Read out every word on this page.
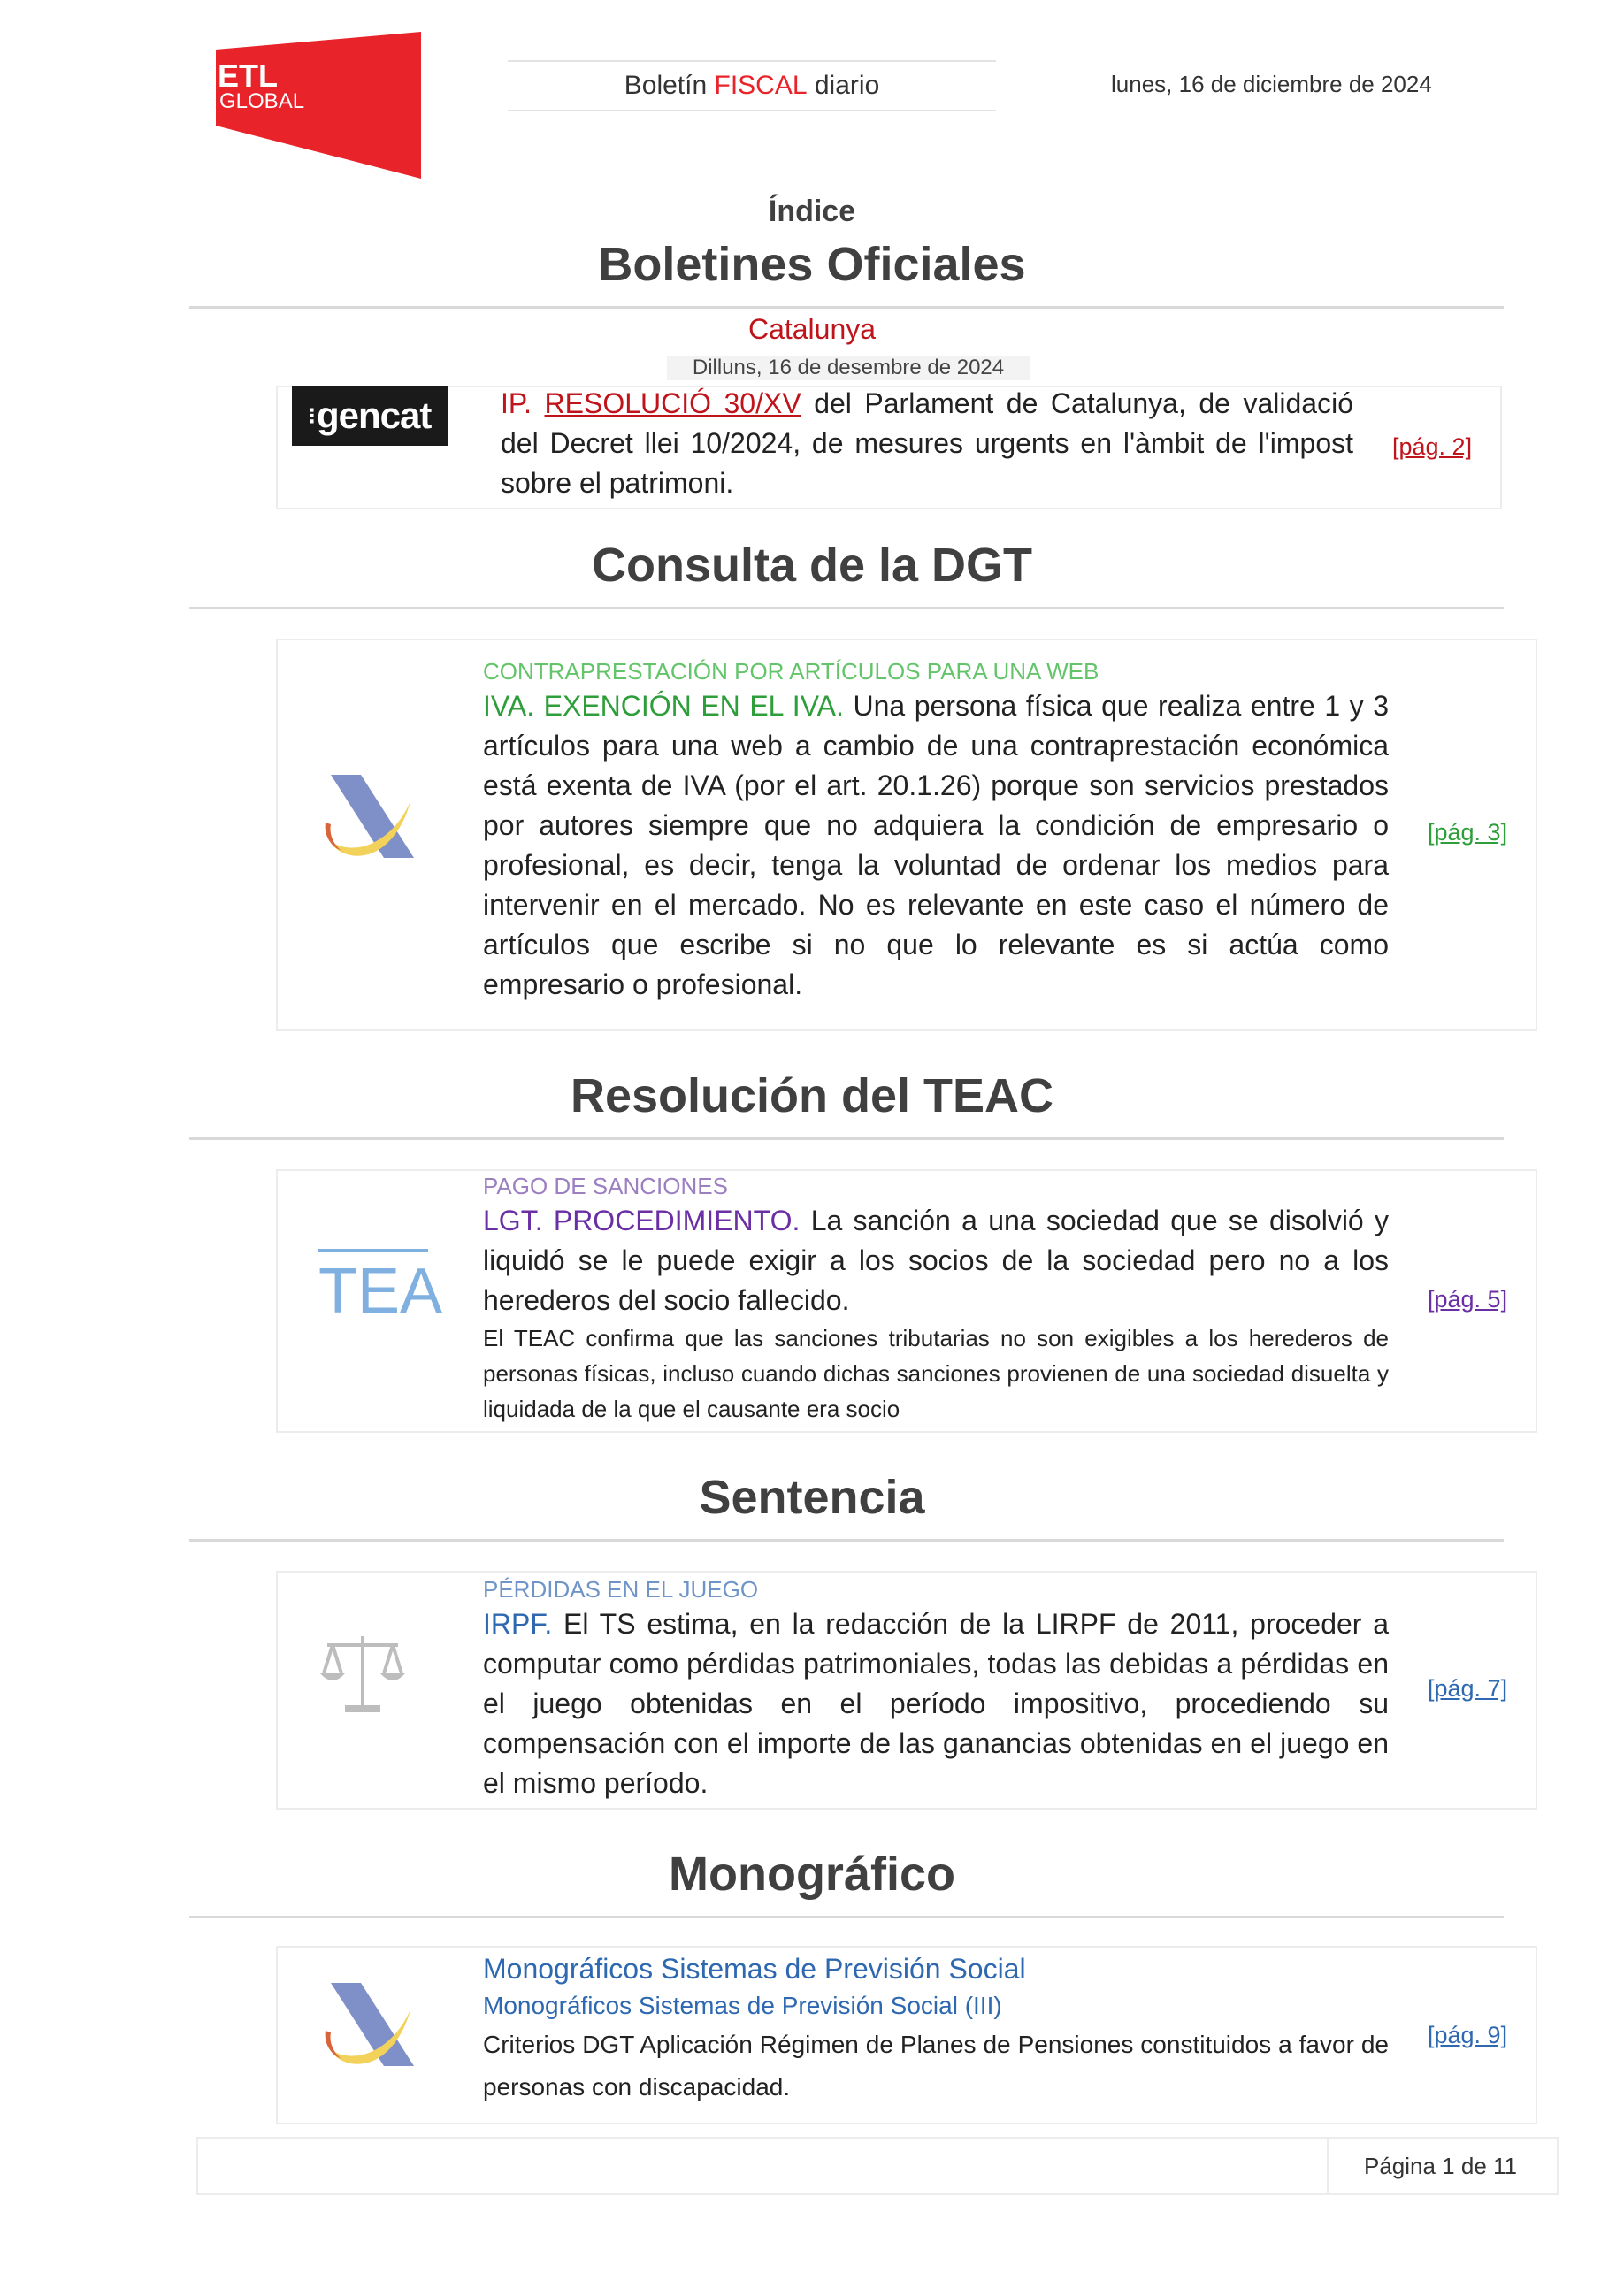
ADD
ETL
GLOBAL
Boletín
FISCAL
diario	lunes, 16 de diciembre de 2024
Índice
Boletines Oficiales
Catalunya
Dilluns, 16 de desembre de 2024
⁝ gencat IP. RESOLUCIÓ 30/XV del Parlament de Catalunya, de validació del Decret llei 10/2024, de mesures urgents en l'àmbit de l'impost sobre el patrimoni.
[pág. 2]
Consulta de la DGT
CONTRAPRESTACIÓN POR ARTÍCULOS PARA UNA WEB
IVA. EXENCIÓN EN EL IVA. Una persona física que realiza entre 1 y 3 artículos para una web a cambio de una contraprestación económica está exenta de IVA (por el art. 20.1.26) porque son servicios prestados por autores siempre que no adquiera la condición de empresario o profesional, es decir, tenga la voluntad de ordenar los medios para intervenir en el mercado. No es relevante en este caso el número de artículos que escribe si no que lo relevante es si actúa como empresario o profesional.
[pág. 3]
Resolución del TEAC
TEA
PAGO DE SANCIONES
LGT. PROCEDIMIENTO. La sanción a una sociedad que se disolvió y liquidó se le puede exigir a los socios de la sociedad pero no a los herederos del socio fallecido.
El TEAC confirma que las sanciones tributarias no son exigibles a los herederos de personas físicas, incluso cuando dichas sanciones provienen de una sociedad disuelta y liquidada de la que el causante era socio
[pág. 5]
Sentencia
PÉRDIDAS EN EL JUEGO
IRPF. El TS estima, en la redacción de la LIRPF de 2011, proceder a computar como pérdidas patrimoniales, todas las debidas a pérdidas en el juego obtenidas en el período impositivo, procediendo su compensación con el importe de las ganancias obtenidas en el juego en el mismo período.
[pág. 7]
Monográfico
Monográficos Sistemas de Previsión Social
Monográficos Sistemas de Previsión Social (III)
Criterios DGT Aplicación Régimen de Planes de Pensiones constituidos a favor de personas con discapacidad.
[pág. 9]
Página 1 de 11
